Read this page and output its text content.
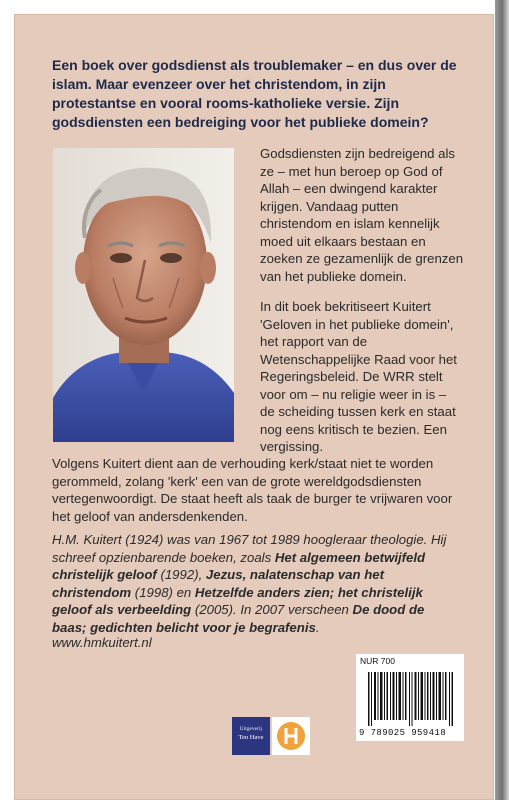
Een boek over godsdienst als troublemaker – en dus over de islam. Maar evenzeer over het christendom, in zijn protestantse en vooral rooms-katholieke versie. Zijn godsdiensten een bedreiging voor het publieke domein?

Godsdiensten zijn bedreigend als ze – met hun beroep op God of Allah – een dwingend karakter krijgen. Vandaag putten christendom en islam kennelijk moed uit elkaars bestaan en zoeken ze gezamenlijk de grenzen van het publieke domein.

In dit boek bekritiseert Kuitert 'Geloven in het publieke domein', het rapport van de Wetenschappelijke Raad voor het Regeringsbeleid. De WRR stelt voor om – nu religie weer in is – de scheiding tussen kerk en staat nog eens kritisch te bezien. Een vergissing.

Volgens Kuitert dient aan de verhouding kerk/staat niet te worden gerommeld, zolang 'kerk' een van de grote wereldgodsdiensten vertegenwoordigt. De staat heeft als taak de burger te vrijwaren voor het geloof van andersdenkenden.

H.M. Kuitert (1924) was van 1967 tot 1989 hoogleraar theologie. Hij schreef opzienbarende boeken, zoals Het algemeen betwijfeld christelijk geloof (1992), Jezus, nalatenschap van het christendom (1998) en Hetzelfde anders zien; het christelijk geloof als verbeelding (2005). In 2007 verscheen De dood de baas; gedichten belicht voor je begrafenis.

www.hmkuitert.nl
Uitgeverij
Ten Have
NUR 700
9 789025 959418
